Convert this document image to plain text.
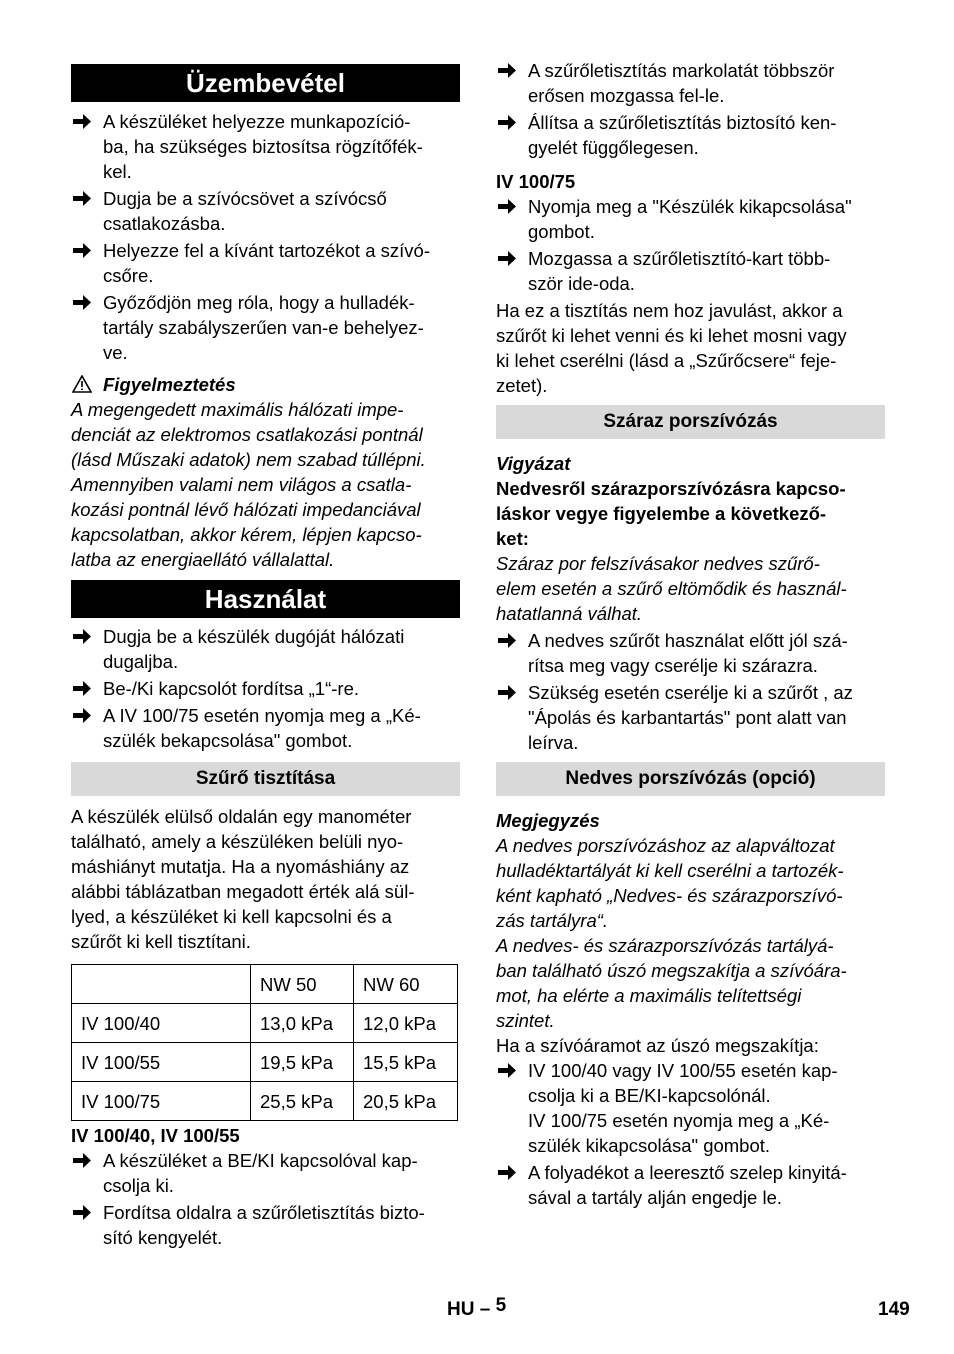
Üzembevétel
A készüléket helyezze munkapozíció-
ba, ha szükséges biztosítsa rögzítőfék-
kel.
Dugja be a szívócsövet a szívócső
csatlakozásba.
Helyezze fel a kívánt tartozékot a szívó-
csőre.
Győződjön meg róla, hogy a hulladék-
tartály szabályszerűen van-e behelyez-
ve.
Figyelmeztetés
A megengedett maximális hálózati impe-
denciát az elektromos csatlakozási pontnál
(lásd Műszaki adatok) nem szabad túllépni.
Amennyiben valami nem világos a csatla-
kozási pontnál lévő hálózati impedanciával
kapcsolatban, akkor kérem, lépjen kapcso-
latba az energiaellátó vállalattal.
Használat
Dugja be a készülék dugóját hálózati
dugaljba.
Be-/Ki kapcsolót fordítsa „1“-re.
A IV 100/75 esetén nyomja meg a „Ké-
szülék bekapcsolása" gombot.
Szűrő tisztítása
A készülék elülső oldalán egy manométer
található, amely a készüléken belüli nyo-
máshiányt mutatja. Ha a nyomáshiány az
alábbi táblázatban megadott érték alá sül-
lyed, a készüléket ki kell kapcsolni és a
szűrőt ki kell tisztítani.
	NW 50	NW 60
IV 100/40	13,0 kPa	12,0 kPa
IV 100/55	19,5 kPa	15,5 kPa
IV 100/75	25,5 kPa	20,5 kPa
IV 100/40, IV 100/55
A készüléket a BE/KI kapcsolóval kap-
csolja ki.
Fordítsa oldalra a szűrőletisztítás bizto-
sító kengyelét.
A szűrőletisztítás markolatát többször
erősen mozgassa fel-le.
Állítsa a szűrőletisztítás biztosító ken-
gyelét függőlegesen.
IV 100/75
Nyomja meg a "Készülék kikapcsolása"
gombot.
Mozgassa a szűrőletisztító-kart több-
ször ide-oda.
Ha ez a tisztítás nem hoz javulást, akkor a
szűrőt ki lehet venni és ki lehet mosni vagy
ki lehet cserélni (lásd a „Szűrőcsere“ feje-
zetet).
Száraz porszívózás
Vigyázat
Nedvesről szárazporszívózásra kapcso-
láskor vegye figyelembe a következő-
ket:
Száraz por felszívásakor nedves szűrő-
elem esetén a szűrő eltömődik és használ-
hatatlanná válhat.
A nedves szűrőt használat előtt jól szá-
rítsa meg vagy cserélje ki szárazra.
Szükség esetén cserélje ki a szűrőt , az
"Ápolás és karbantartás" pont alatt van
leírva.
Nedves porszívózás (opció)
Megjegyzés
A nedves porszívózáshoz az alapváltozat
hulladéktartályát ki kell cserélni a tartozék-
ként kapható „Nedves- és szárazporszívó-
zás tartályra“.
A nedves- és szárazporszívózás tartályá-
ban található úszó megszakítja a szívóára-
mot, ha elérte a maximális telítettségi
szintet.
Ha a szívóáramot az úszó megszakítja:
IV 100/40 vagy IV 100/55 esetén kap-
csolja ki a BE/KI-kapcsolónál.
IV 100/75 esetén nyomja meg a „Ké-
szülék kikapcsolása" gombot.
A folyadékot a leeresztő szelep kinyitá-
sával a tartály alján engedje le.
HU – 5	149
